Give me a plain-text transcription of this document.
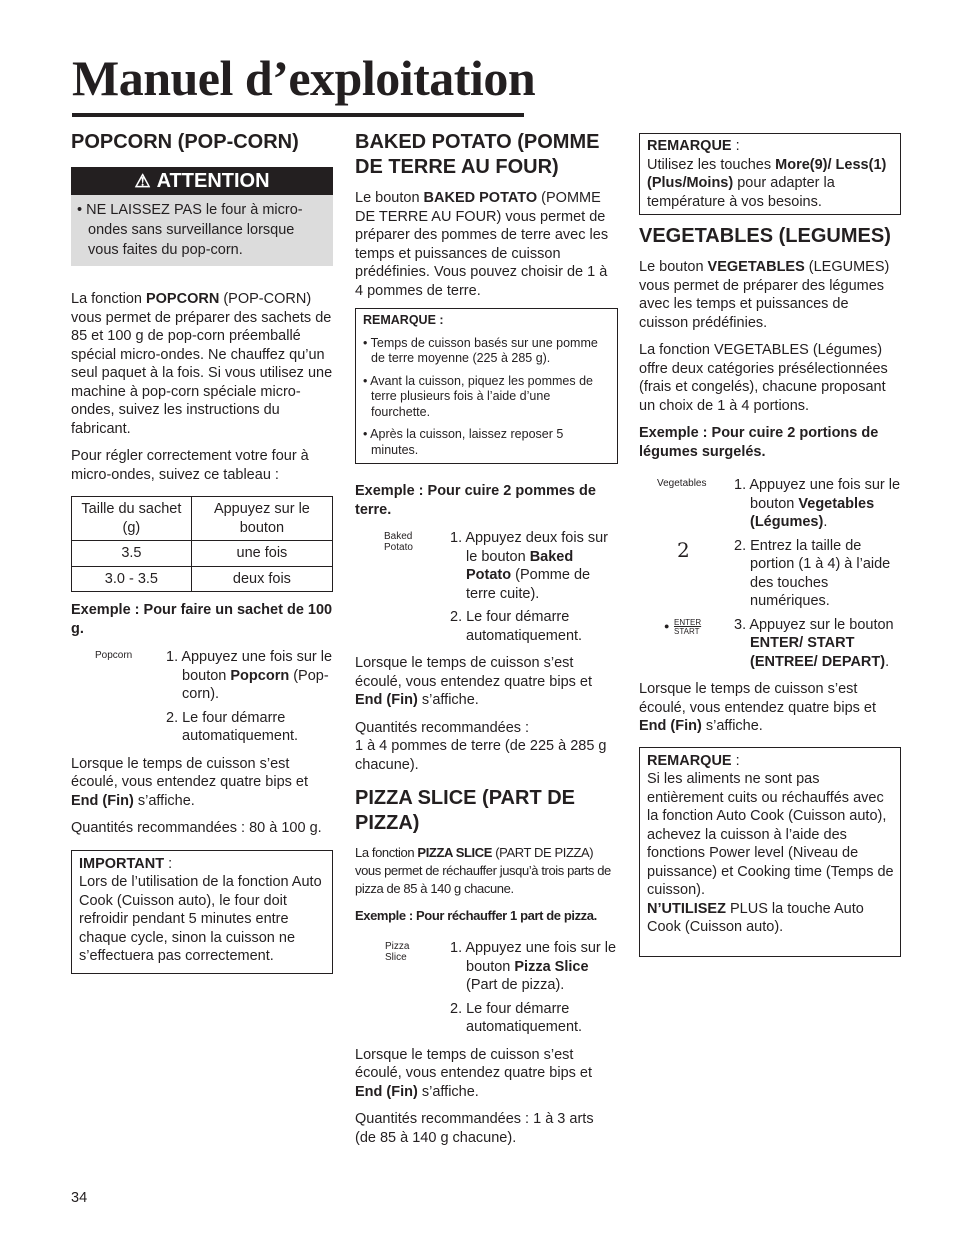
Manuel d’exploitation
POPCORN (POP-CORN)
⚠ ATTENTION
• NE LAISSEZ PAS le four à micro-ondes sans surveillance lorsque vous faites du pop-corn.

La fonction POPCORN (POP-CORN) vous permet de préparer des sachets de 85 et 100 g de pop-corn préemballé spécial micro-ondes. Ne chauffez qu’un seul paquet à la fois. Si vous utilisez une machine à pop-corn spéciale micro-ondes, suivez les instructions du fabricant.

Pour régler correctement votre four à micro-ondes, suivez ce tableau :

Taille du sachet (g)	Appuyez sur le bouton
3.5	une fois
3.0 - 3.5	deux fois

Exemple : Pour faire un sachet de 100 g.

Popcorn 1. Appuyez une fois sur le bouton Popcorn (Pop-corn).

2. Le four démarre automatiquement.

Lorsque le temps de cuisson s’est écoulé, vous entendez quatre bips et End (Fin) s’affiche.

Quantités recommandées : 80 à 100 g.

IMPORTANT :

Lors de l’utilisation de la fonction Auto Cook (Cuisson auto), le four doit refroidir pendant 5 minutes entre chaque cycle, sinon la cuisson ne s’effectuera pas correctement.

BAKED POTATO (POMME DE TERRE AU FOUR)

Le bouton BAKED POTATO (POMME DE TERRE AU FOUR) vous permet de préparer des pommes de terre avec les temps et puissances de cuisson prédéfinies. Vous pouvez choisir de 1 à 4 pommes de terre.

REMARQUE :

• Temps de cuisson basés sur une pomme de terre moyenne (225 à 285 g).
• Avant la cuisson, piquez les pommes de terre plusieurs fois à l’aide d’une fourchette.
• Après la cuisson, laissez reposer 5 minutes.

Exemple : Pour cuire 2 pommes de terre.

Baked
Potato

1. Appuyez deux fois sur le bouton Baked Potato (Pomme de terre cuite).

2. Le four démarre automatiquement.

Lorsque le temps de cuisson s’est écoulé, vous entendez quatre bips et End (Fin) s’affiche.

Quantités recommandées :
1 à 4 pommes de terre (de 225 à 285 g chacune).

PIZZA SLICE (PART DE PIZZA)

La fonction PIZZA SLICE (PART DE PIZZA) vous permet de réchauffer jusqu’à trois parts de pizza de 85 à 140 g chacune.

Exemple : Pour réchauffer 1 part de pizza.

Pizza
Slice

1. Appuyez une fois sur le bouton Pizza Slice (Part de pizza).

2. Le four démarre automatiquement.

Lorsque le temps de cuisson s’est écoulé, vous entendez quatre bips et End (Fin) s’affiche.

Quantités recommandées : 1 à 3 arts (de 85 à 140 g chacune).

REMARQUE :

Utilisez les touches More(9)/ Less(1) (Plus/Moins) pour adapter la température à vos besoins.

VEGETABLES (LEGUMES)

Le bouton VEGETABLES (LEGUMES) vous permet de préparer des légumes avec les temps et puissances de cuisson prédéfinies.

La fonction VEGETABLES (Légumes) offre deux catégories présélectionnées (frais et congelés), chacune proposant un choix de 1 à 4 portions.

Exemple : Pour cuire 2 portions de légumes surgelés.

Vegetables 1. Appuyez une fois sur le bouton Vegetables (Légumes).

2	2. Entrez la taille de portion (1 à 4) à l’aide des touches numériques.

● ENTER
START 3. Appuyez sur le bouton ENTER/ START (ENTREE/ DEPART).

Lorsque le temps de cuisson s’est écoulé, vous entendez quatre bips et End (Fin) s’affiche.

REMARQUE :

Si les aliments ne sont pas entièrement cuits ou réchauffés avec la fonction Auto Cook (Cuisson auto), achevez la cuisson à l’aide des fonctions Power level (Niveau de puissance) et Cooking time (Temps de cuisson).

N’UTILISEZ PLUS la touche Auto Cook (Cuisson auto).

34
